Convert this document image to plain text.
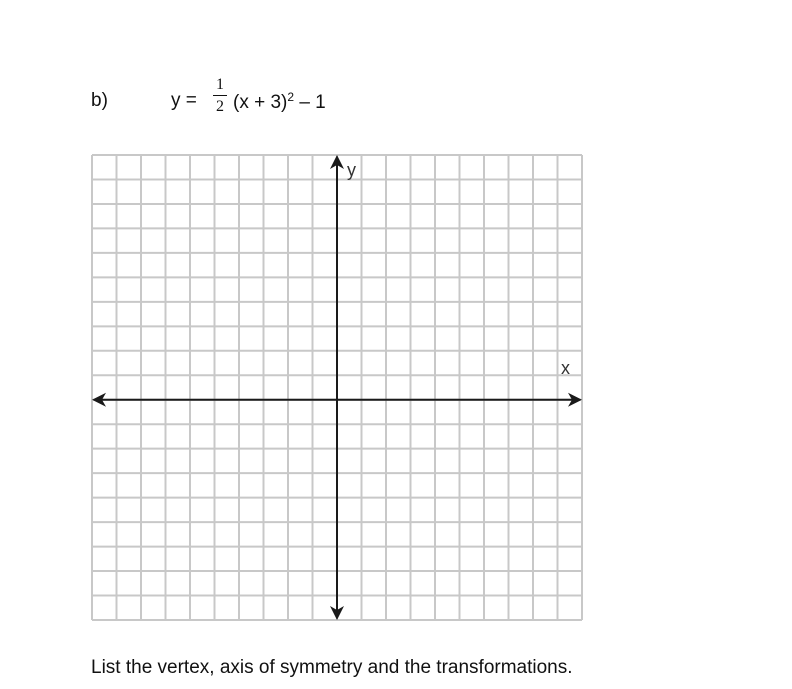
b)	y =
1
2 $(x + 3)^2 - 1$
x
y
List the vertex, axis of symmetry and the transformations.
